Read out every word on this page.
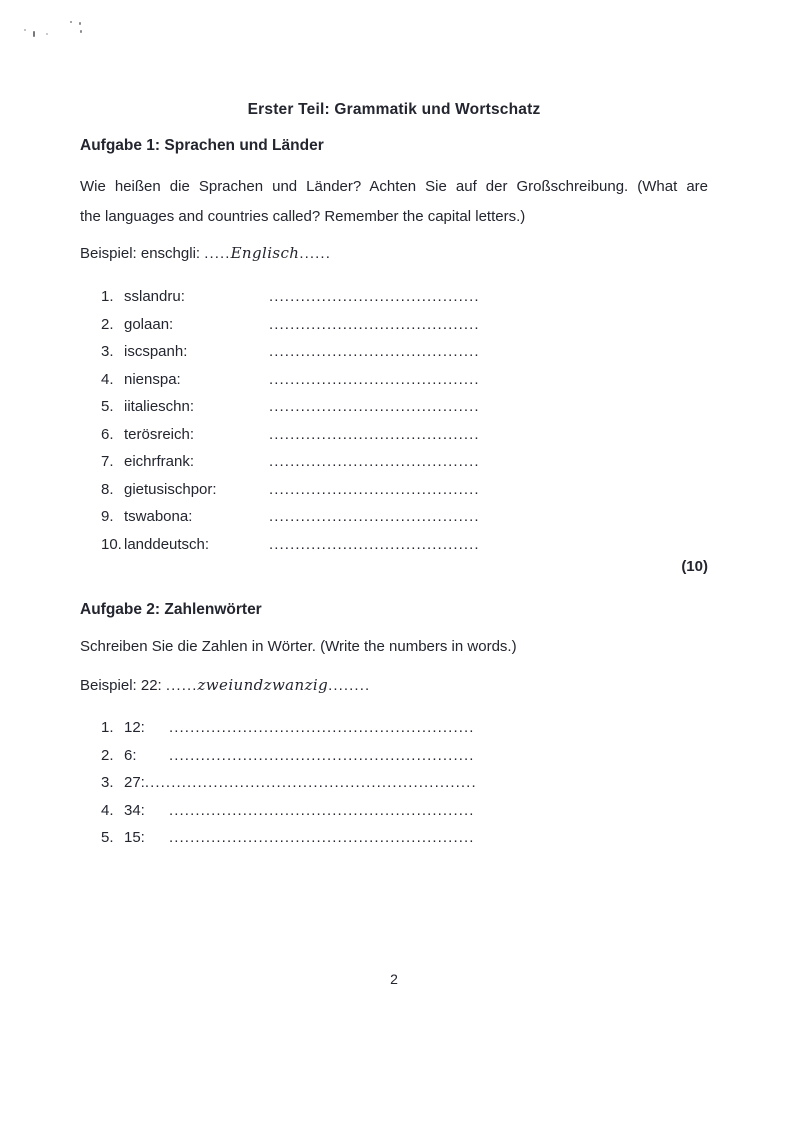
Erster Teil: Grammatik und Wortschatz
Aufgabe 1: Sprachen und Länder
Wie heißen die Sprachen und Länder? Achten Sie auf der Großschreibung. (What are
the languages and countries called? Remember the capital letters.)
Beispiel: enschgli: .....Englisch......
1. sslandru:	........................................
2. golaan:	........................................
3. iscspanh:	........................................
4. nienspa:	........................................
5. iitalieschn:	........................................
6. terösreich:	........................................
7. eichrfrank:	........................................
8. gietusischpor:	........................................
9. tswabona:	........................................
10. landdeutsch:	........................................
(10)
Aufgabe 2: Zahlenwörter
Schreiben Sie die Zahlen in Wörter. (Write the numbers in words.)
Beispiel: 22: ......zweiundzwanzig........
1. 12:	..........................................................
2. 6:	..........................................................
3. 27: ...............................................................
4. 34:	..........................................................
5. 15:	..........................................................
2
